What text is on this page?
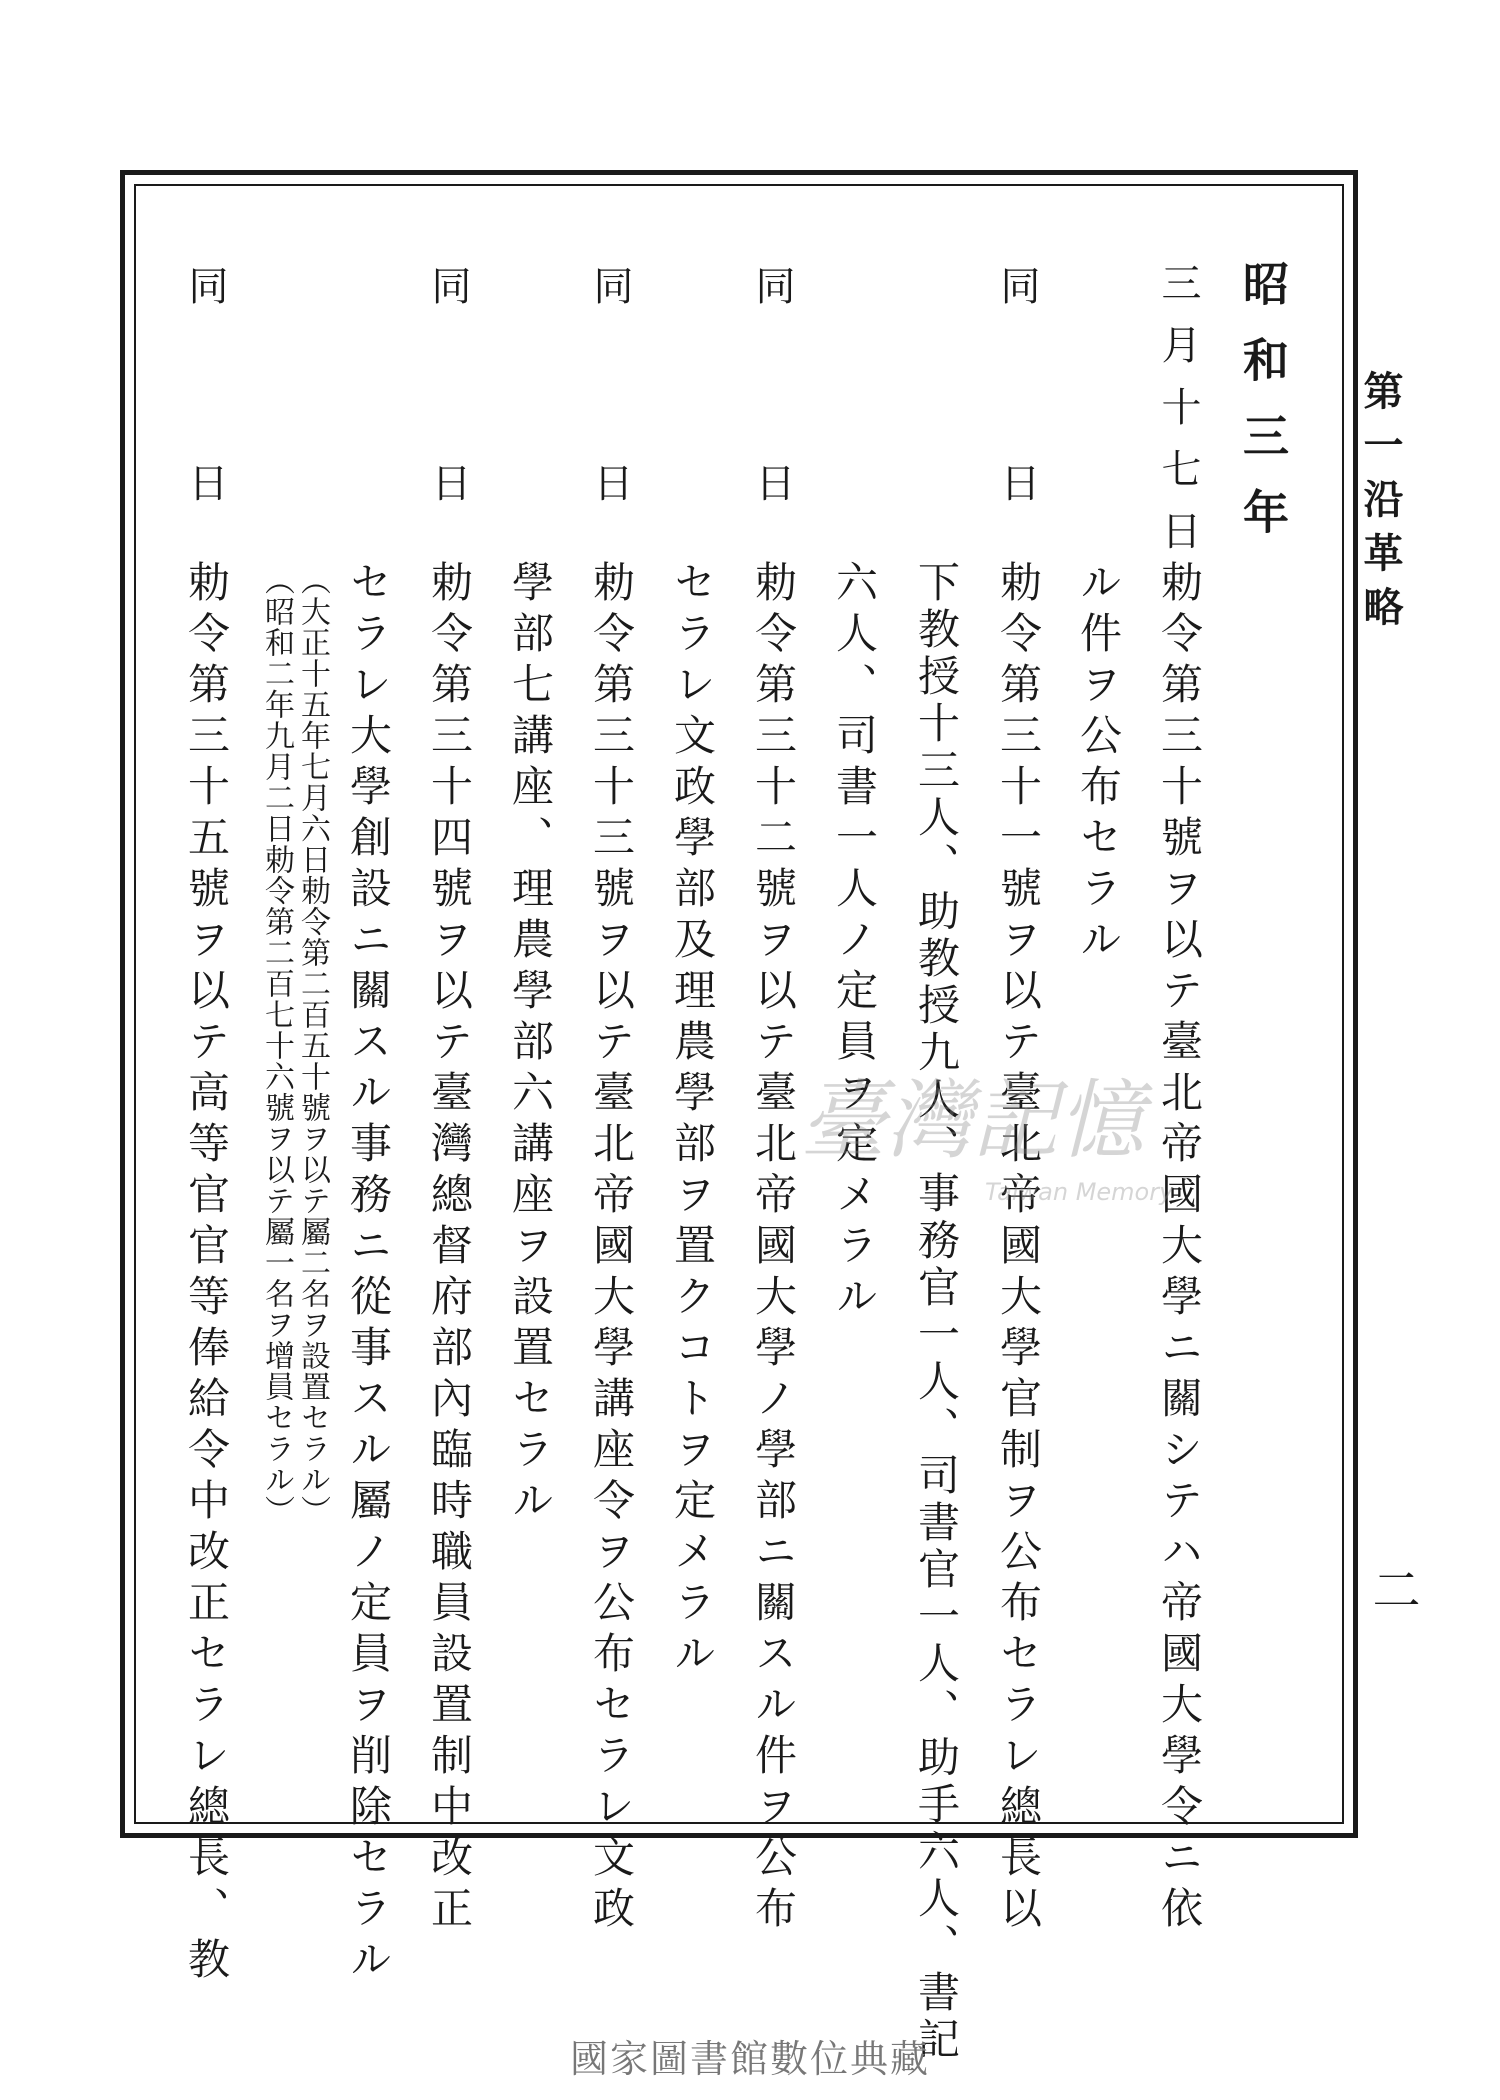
第一沿革略
二
昭和三年
三月十七日
勅令第三十號ヲ以テ臺北帝國大學ニ關シテハ帝國大學令ニ依
ル件ヲ公布セラル
同
日
勅令第三十一號ヲ以テ臺北帝國大學官制ヲ公布セラレ總長以
下教授十三人、助教授九人、事務官一人、司書官一人、助手六人、書記
六人、司書一人ノ定員ヲ定メラル
同
日
勅令第三十二號ヲ以テ臺北帝國大學ノ學部ニ關スル件ヲ公布
セラレ文政學部及理農學部ヲ置クコトヲ定メラル
同
日
勅令第三十三號ヲ以テ臺北帝國大學講座令ヲ公布セラレ文政
學部七講座、理農學部六講座ヲ設置セラル
同
日
勅令第三十四號ヲ以テ臺灣總督府部內臨時職員設置制中改正
セラレ大學創設ニ關スル事務ニ從事スル屬ノ定員ヲ削除セラル
（大正十五年七月六日勅令第二百五十號ヲ以テ屬二名ヲ設置セラル）
（昭和二年九月二日勅令第二百七十六號ヲ以テ屬一名ヲ增員セラル）
同
日
勅令第三十五號ヲ以テ高等官官等俸給令中改正セラレ總長、教	臺灣記憶
Taiwan Memory
國家圖書館數位典藏
